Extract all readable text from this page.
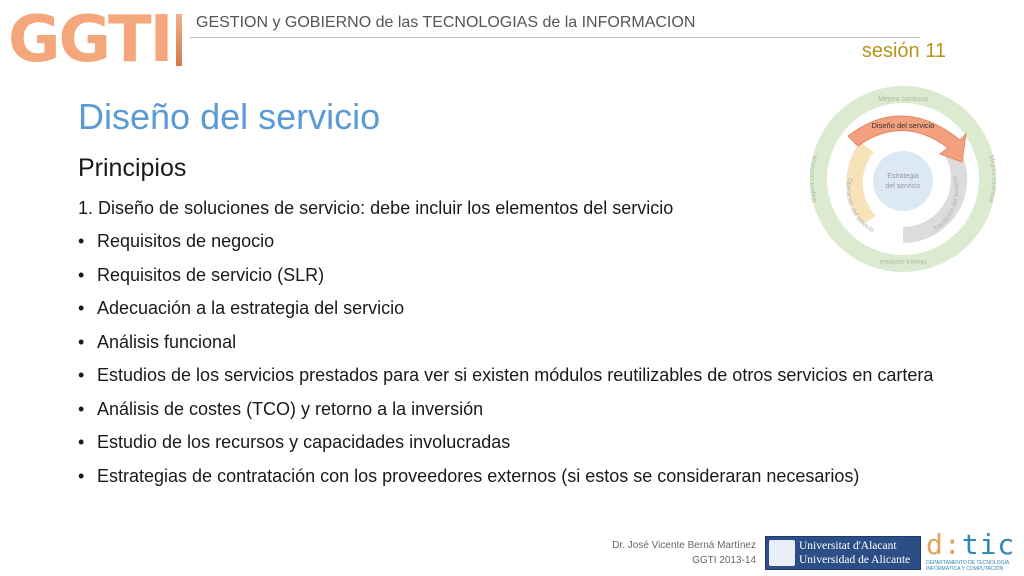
GGTI GESTION y GOBIERNO de las TECNOLOGIAS de la INFORMACION
sesión 11
Diseño del servicio
Principios
1. Diseño de soluciones de servicio: debe incluir los elementos del servicio
• Requisitos de negocio
• Requisitos de servicio (SLR)
• Adecuación a la estrategia del servicio
• Análisis funcional
• Estudios de los servicios prestados para ver si existen módulos reutilizables de otros servicios en cartera
• Análisis de costes (TCO) y retorno a la inversión
• Estudio de los recursos y capacidades involucradas
• Estrategias de contratación con los proveedores externos (si estos se consideraran necesarios)
Diseño del servicio
Estrategia
del servicio
Transición del servicio
Operación del servicio
Mejora continua
Mejora continua	Mejora continua
Mejora continua
Dr. José Vicente Berná Martínez
GGTI 2013-14
Universitat d'Alacant
Universidad de Alicante d:tic
DEPARTAMENTO DE TECNOLOGÍA
INFORMÁTICA Y COMPUTACIÓN
